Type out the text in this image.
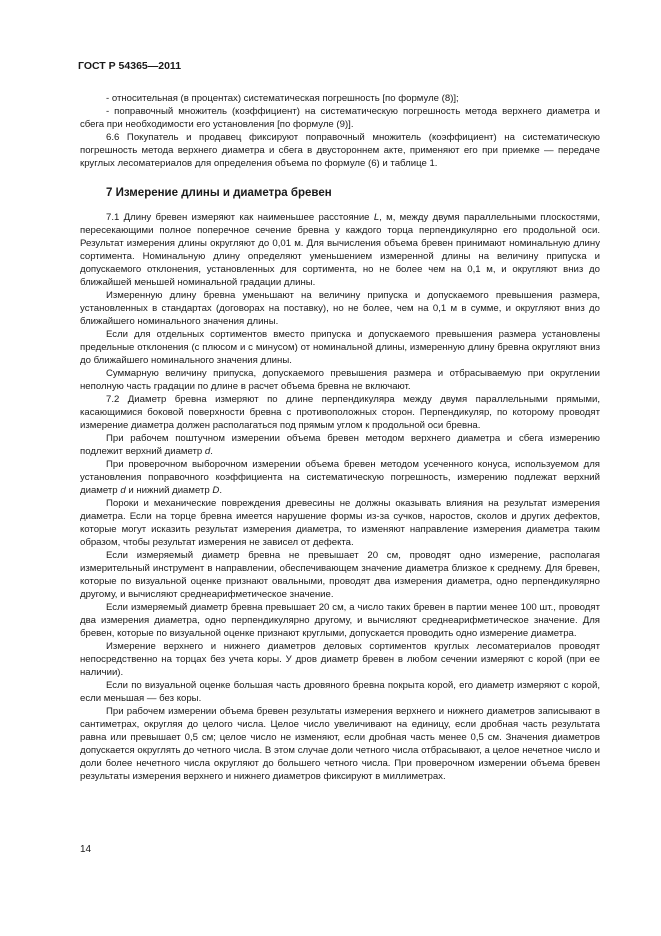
ГОСТ Р 54365—2011

- относительная (в процентах) систематическая погрешность [по формуле (8)];

- поправочный множитель (коэффициент) на систематическую погрешность метода верхнего диаметра и сбега при необходимости его установления [по формуле (9)].

6.6 Покупатель и продавец фиксируют поправочный множитель (коэффициент) на систематическую погрешность метода верхнего диаметра и сбега в двустороннем акте, применяют его при приемке — передаче круглых лесоматериалов для определения объема по формуле (6) и таблице 1.

7 Измерение длины и диаметра бревен

7.1 Длину бревен измеряют как наименьшее расстояние L, м, между двумя параллельными плоскостями, пересекающими полное поперечное сечение бревна у каждого торца перпендикулярно его продольной оси. Результат измерения длины округляют до 0,01 м. Для вычисления объема бревен принимают номинальную длину сортимента. Номинальную длину определяют уменьшением измеренной длины на величину припуска и допускаемого отклонения, установленных для сортимента, но не более чем на 0,1 м, и округляют вниз до ближайшей меньшей номинальной градации длины.

Измеренную длину бревна уменьшают на величину припуска и допускаемого превышения размера, установленных в стандартах (договорах на поставку), но не более, чем на 0,1 м в сумме, и округляют вниз до ближайшего номинального значения длины.

Если для отдельных сортиментов вместо припуска и допускаемого превышения размера установлены предельные отклонения (с плюсом и с минусом) от номинальной длины, измеренную длину бревна округляют вниз до ближайшего номинального значения длины.

Суммарную величину припуска, допускаемого превышения размера и отбрасываемую при округлении неполную часть градации по длине в расчет объема бревна не включают.

7.2 Диаметр бревна измеряют по длине перпендикуляра между двумя параллельными прямыми, касающимися боковой поверхности бревна с противоположных сторон. Перпендикуляр, по которому проводят измерение диаметра должен располагаться под прямым углом к продольной оси бревна.

При рабочем поштучном измерении объема бревен методом верхнего диаметра и сбега измерению подлежит верхний диаметр d.

При проверочном выборочном измерении объема бревен методом усеченного конуса, используемом для установления поправочного коэффициента на систематическую погрешность, измерению подлежат верхний диаметр d и нижний диаметр D.

Пороки и механические повреждения древесины не должны оказывать влияния на результат измерения диаметра. Если на торце бревна имеется нарушение формы из-за сучков, наростов, сколов и других дефектов, которые могут исказить результат измерения диаметра, то изменяют направление измерения диаметра таким образом, чтобы результат измерения не зависел от дефекта.

Если измеряемый диаметр бревна не превышает 20 см, проводят одно измерение, располагая измерительный инструмент в направлении, обеспечивающем значение диаметра близкое к среднему. Для бревен, которые по визуальной оценке признают овальными, проводят два измерения диаметра, одно перпендикулярно другому, и вычисляют среднеарифметическое значение.

Если измеряемый диаметр бревна превышает 20 см, а число таких бревен в партии менее 100 шт., проводят два измерения диаметра, одно перпендикулярно другому, и вычисляют среднеарифметическое значение. Для бревен, которые по визуальной оценке признают круглыми, допускается проводить одно измерение диаметра.

Измерение верхнего и нижнего диаметров деловых сортиментов круглых лесоматериалов проводят непосредственно на торцах без учета коры. У дров диаметр бревен в любом сечении измеряют с корой (при ее наличии).

Если по визуальной оценке большая часть дровяного бревна покрыта корой, его диаметр измеряют с корой, если меньшая — без коры.

При рабочем измерении объема бревен результаты измерения верхнего и нижнего диаметров записывают в сантиметрах, округляя до целого числа. Целое число увеличивают на единицу, если дробная часть результата равна или превышает 0,5 см; целое число не изменяют, если дробная часть менее 0,5 см. Значения диаметров допускается округлять до четного числа. В этом случае доли четного числа отбрасывают, а целое нечетное число и доли более нечетного числа округляют до большего четного числа. При проверочном измерении объема бревен результаты измерения верхнего и нижнего диаметров фиксируют в миллиметрах.

14
